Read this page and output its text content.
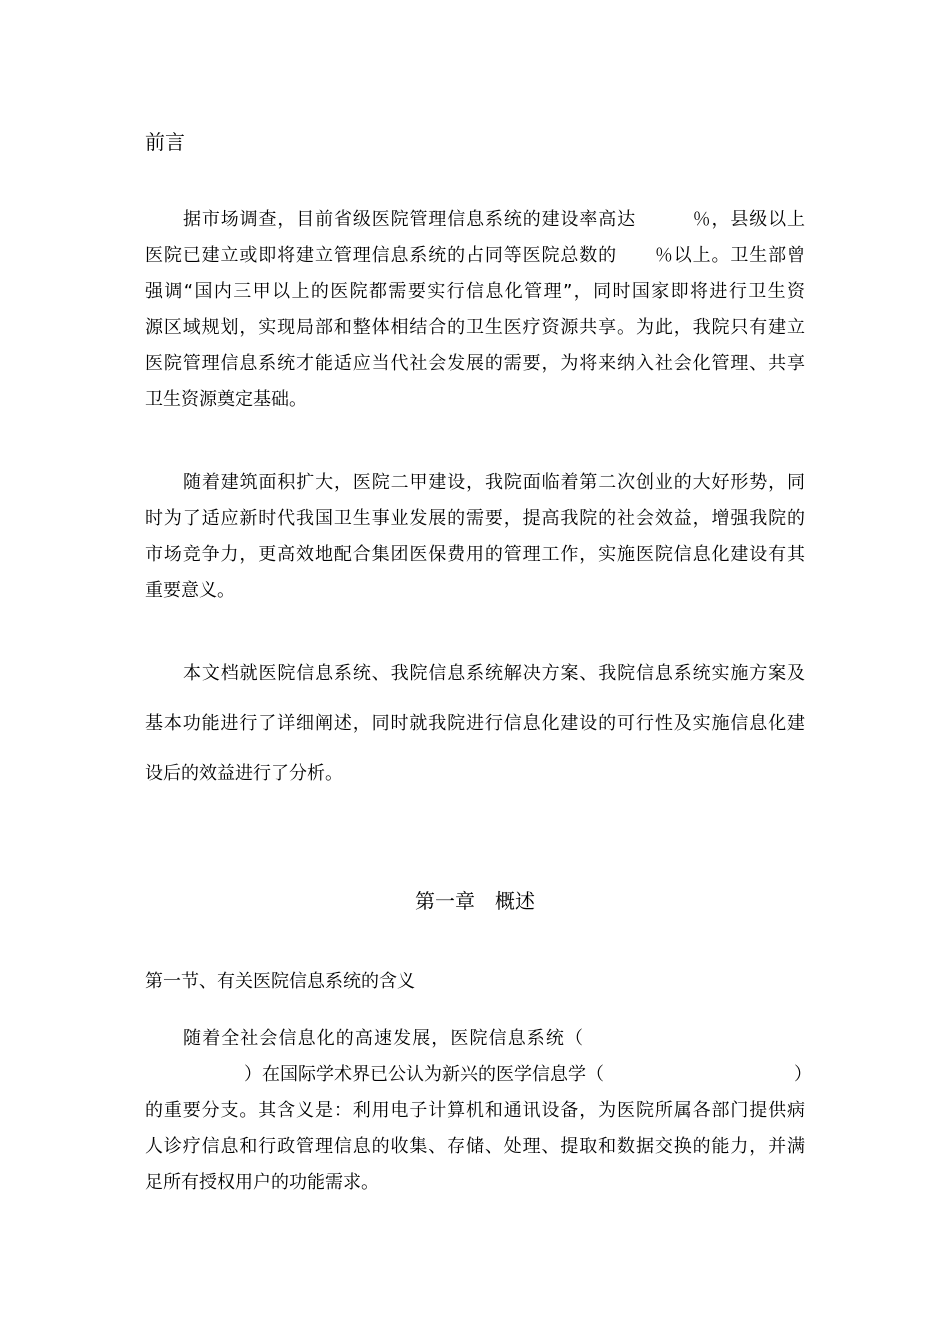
前言
据市场调查，目前省级医院管理信息系统的建设率高达　　　％，县级以上
医院已建立或即将建立管理信息系统的占同等医院总数的　　％以上。卫生部曾
强调“国内三甲以上的医院都需要实行信息化管理”，同时国家即将进行卫生资
源区域规划，实现局部和整体相结合的卫生医疗资源共享。为此，我院只有建立
医院管理信息系统才能适应当代社会发展的需要，为将来纳入社会化管理、共享
卫生资源奠定基础。
随着建筑面积扩大，医院二甲建设，我院面临着第二次创业的大好形势，同
时为了适应新时代我国卫生事业发展的需要，提高我院的社会效益，增强我院的
市场竞争力，更高效地配合集团医保费用的管理工作，实施医院信息化建设有其
重要意义。
本文档就医院信息系统、我院信息系统解决方案、我院信息系统实施方案及
基本功能进行了详细阐述，同时就我院进行信息化建设的可行性及实施信息化建
设后的效益进行了分析。
第一章　概述
第一节、有关医院信息系统的含义
随着全社会信息化的高速发展，医院信息系统（
）在国际学术界已公认为新兴的医学信息学（	）
的重要分支。其含义是：利用电子计算机和通讯设备，为医院所属各部门提供病
人诊疗信息和行政管理信息的收集、存储、处理、提取和数据交换的能力，并满
足所有授权用户的功能需求。
